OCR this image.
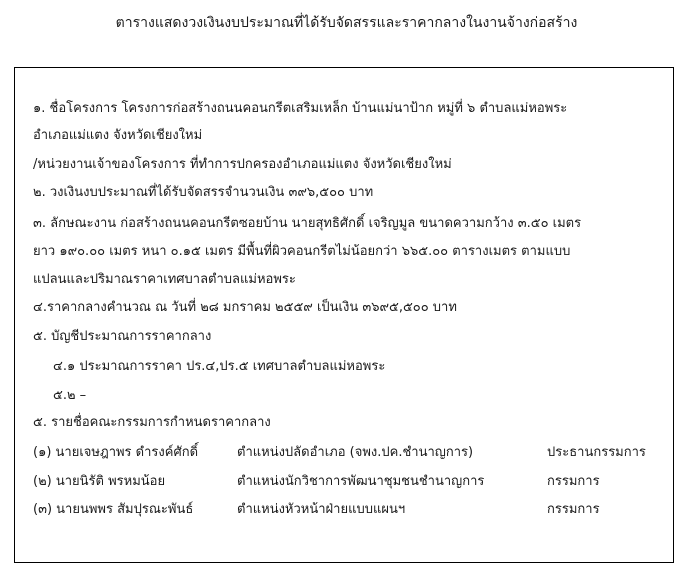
ตารางแสดงวงเงินงบประมาณที่ได้รับจัดสรรและราคากลางในงานจ้างก่อสร้าง
๑. ชื่อโครงการ โครงการก่อสร้างถนนคอนกรีตเสริมเหล็ก บ้านแม่นาป้าก หมู่ที่ ๖ ตำบลแม่หอพระ
อำเภอแม่แตง จังหวัดเชียงใหม่
/หน่วยงานเจ้าของโครงการ ที่ทำการปกครองอำเภอแม่แตง จังหวัดเชียงใหม่
๒. วงเงินงบประมาณที่ได้รับจัดสรรจำนวนเงิน ๓๙๖,๕๐๐ บาท
๓. ลักษณะงาน ก่อสร้างถนนคอนกรีตซอยบ้าน นายสุทธิศักดิ์ เจริญมูล ขนาดความกว้าง ๓.๕๐ เมตร
ยาว ๑๙๐.๐๐ เมตร หนา ๐.๑๕ เมตร มีพื้นที่ผิวคอนกรีตไม่น้อยกว่า ๖๖๕.๐๐ ตารางเมตร ตามแบบ
แปลนและปริมาณราคาเทศบาลตำบลแม่หอพระ
๔.ราคากลางคำนวณ ณ วันที่ ๒๘ มกราคม ๒๕๕๙ เป็นเงิน ๓๖๙๕,๕๐๐ บาท
๕. บัญชีประมาณการราคากลาง
๔.๑ ประมาณการราคา ปร.๔,ปร.๕ เทศบาลตำบลแม่หอพระ
๕.๒ –
๕. รายชื่อคณะกรรมการกำหนดราคากลาง
(๑) นายเจษฎาพร ดำรงค์ศักดิ์	ตำแหน่งปลัดอำเภอ (จพง.ปค.ชำนาญการ)	ประธานกรรมการ
(๒) นายนิรัติ พรหมน้อย	ตำแหน่งนักวิชาการพัฒนาชุมชนชำนาญการ	กรรมการ
(๓) นายนพพร สัมปุรณะพันธ์	ตำแหน่งหัวหน้าฝ่ายแบบแผนฯ	กรรมการ
